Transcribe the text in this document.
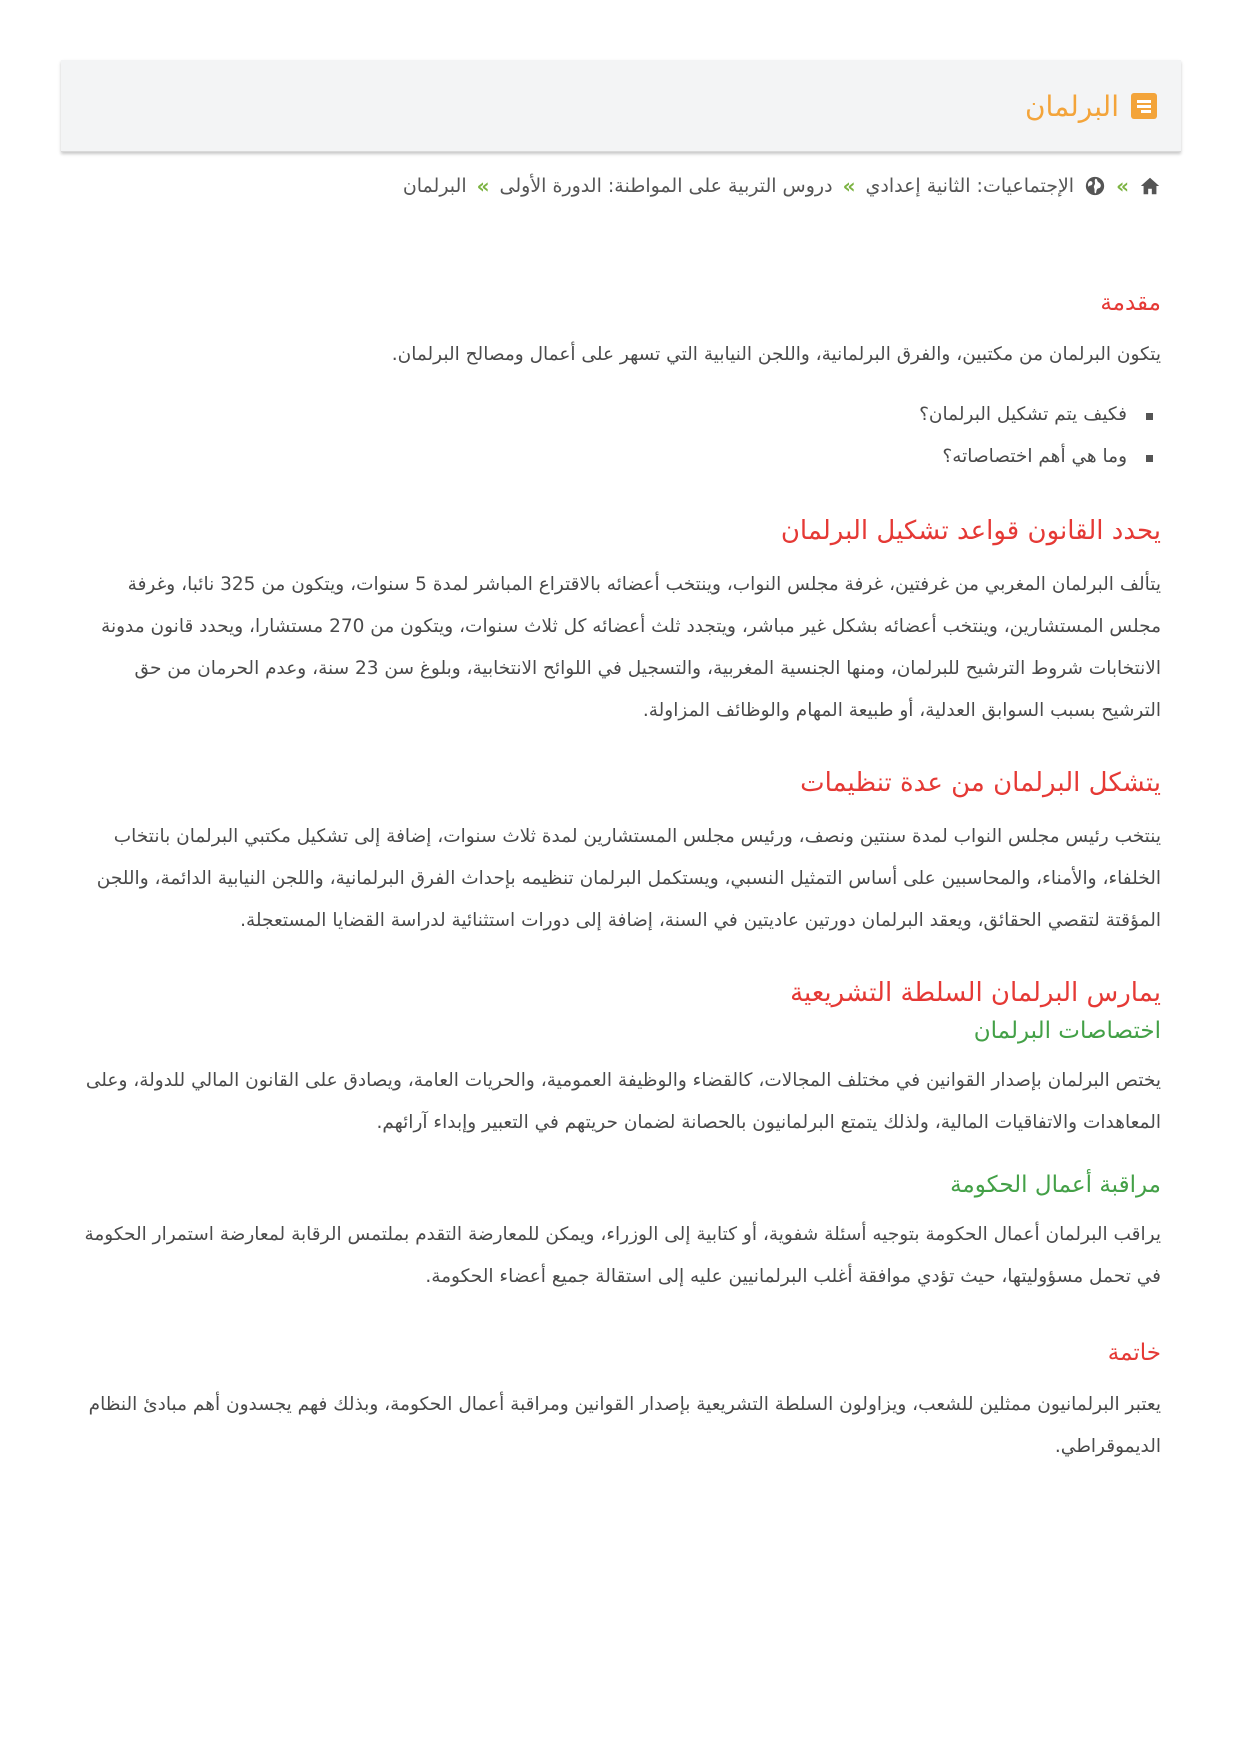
البرلمان
»
الإجتماعيات: الثانية إعدادي
»
دروس التربية على المواطنة: الدورة الأولى
»
البرلمان
مقدمة

يتكون البرلمان من مكتبين، والفرق البرلمانية، واللجن النيابية التي تسهر على أعمال ومصالح البرلمان.

فكيف يتم تشكيل البرلمان؟
وما هي أهم اختصاصاته؟
يحدد القانون قواعد تشكيل البرلمان

يتألف البرلمان المغربي من غرفتين، غرفة مجلس النواب، وينتخب أعضائه بالاقتراع المباشر لمدة 5 سنوات، ويتكون من 325 نائبا، وغرفة مجلس المستشارين، وينتخب أعضائه بشكل غير مباشر، ويتجدد ثلث أعضائه كل ثلاث سنوات، ويتكون من 270 مستشارا، ويحدد قانون مدونة الانتخابات شروط الترشيح للبرلمان، ومنها الجنسية المغربية، والتسجيل في اللوائح الانتخابية، وبلوغ سن 23 سنة، وعدم الحرمان من حق الترشيح بسبب السوابق العدلية، أو طبيعة المهام والوظائف المزاولة.

يتشكل البرلمان من عدة تنظيمات

ينتخب رئيس مجلس النواب لمدة سنتين ونصف، ورئيس مجلس المستشارين لمدة ثلاث سنوات، إضافة إلى تشكيل مكتبي البرلمان بانتخاب الخلفاء، والأمناء، والمحاسبين على أساس التمثيل النسبي، ويستكمل البرلمان تنظيمه بإحداث الفرق البرلمانية، واللجن النيابية الدائمة، واللجن المؤقتة لتقصي الحقائق، ويعقد البرلمان دورتين عاديتين في السنة، إضافة إلى دورات استثنائية لدراسة القضايا المستعجلة.

يمارس البرلمان السلطة التشريعية
اختصاصات البرلمان

يختص البرلمان بإصدار القوانين في مختلف المجالات، كالقضاء والوظيفة العمومية، والحريات العامة، ويصادق على القانون المالي للدولة، وعلى المعاهدات والاتفاقيات المالية، ولذلك يتمتع البرلمانيون بالحصانة لضمان حريتهم في التعبير وإبداء آرائهم.

مراقبة أعمال الحكومة

يراقب البرلمان أعمال الحكومة بتوجيه أسئلة شفوية، أو كتابية إلى الوزراء، ويمكن للمعارضة التقدم بملتمس الرقابة لمعارضة استمرار الحكومة في تحمل مسؤوليتها، حيث تؤدي موافقة أغلب البرلمانيين عليه إلى استقالة جميع أعضاء الحكومة.

خاتمة

يعتبر البرلمانيون ممثلين للشعب، ويزاولون السلطة التشريعية بإصدار القوانين ومراقبة أعمال الحكومة، وبذلك فهم يجسدون أهم مبادئ النظام الديموقراطي.
